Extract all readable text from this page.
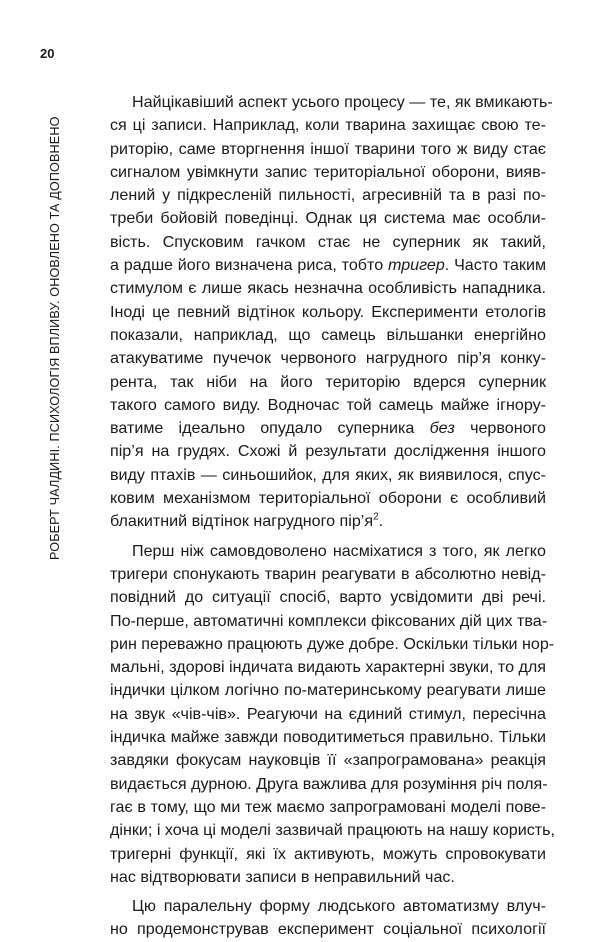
20
РОБЕРТ ЧАЛДИНІ. ПСИХОЛОГІЯ ВПЛИВУ. ОНОВЛЕНО ТА ДОПОВНЕНО
Найцікавіший аспект усього процесу — те, як вмикають-
ся ці записи. Наприклад, коли тварина захищає свою те-
риторію, саме вторгнення іншої тварини того ж виду стає
сигналом увімкнути запис територіальної оборони, вияв-
лений у підкресленій пильності, агресивній та в разі по-
треби бойовій поведінці. Однак ця система має особли-
вість. Спусковим гачком стає не суперник як такий,
а радше його визначена риса, тобто тригер. Часто таким
стимулом є лише якась незначна особливість нападника.
Іноді це певний відтінок кольору. Експерименти етологів
показали, наприклад, що самець вільшанки енергійно
атакуватиме пучечок червоного нагрудного пір’я конку-
рента, так ніби на його територію вдерся суперник
такого самого виду. Водночас той самець майже ігнору-
ватиме ідеально опудало суперника без червоного
пір’я на грудях. Схожі й результати дослідження іншого
виду птахів — синьошийок, для яких, як виявилося, спус-
ковим механізмом територіальної оборони є особливий
блакитний відтінок нагрудного $пір’я^2$.
Перш ніж самовдоволено насміхатися з того, як легко
тригери спонукають тварин реагувати в абсолютно невід-
повідний до ситуації спосіб, варто усвідомити дві речі.
По-перше, автоматичні комплекси фіксованих дій цих тва-
рин переважно працюють дуже добре. Оскільки тільки нор-
мальні, здорові індичата видають характерні звуки, то для
індички цілком логічно по-материнському реагувати лише
на звук «чів-чів». Реагуючи на єдиний стимул, пересічна
індичка майже завжди поводитиметься правильно. Тільки
завдяки фокусам науковців її «запрограмована» реакція
видається дурною. Друга важлива для розуміння річ поля-
гає в тому, що ми теж маємо запрограмовані моделі пове-
дінки; і хоча ці моделі зазвичай працюють на нашу користь,
тригерні функції, які їх активують, можуть спровокувати
нас відтворювати записи в неправильний час.
Цю паралельну форму людського автоматизму влуч-
но продемонстрував експеримент соціальної психології
